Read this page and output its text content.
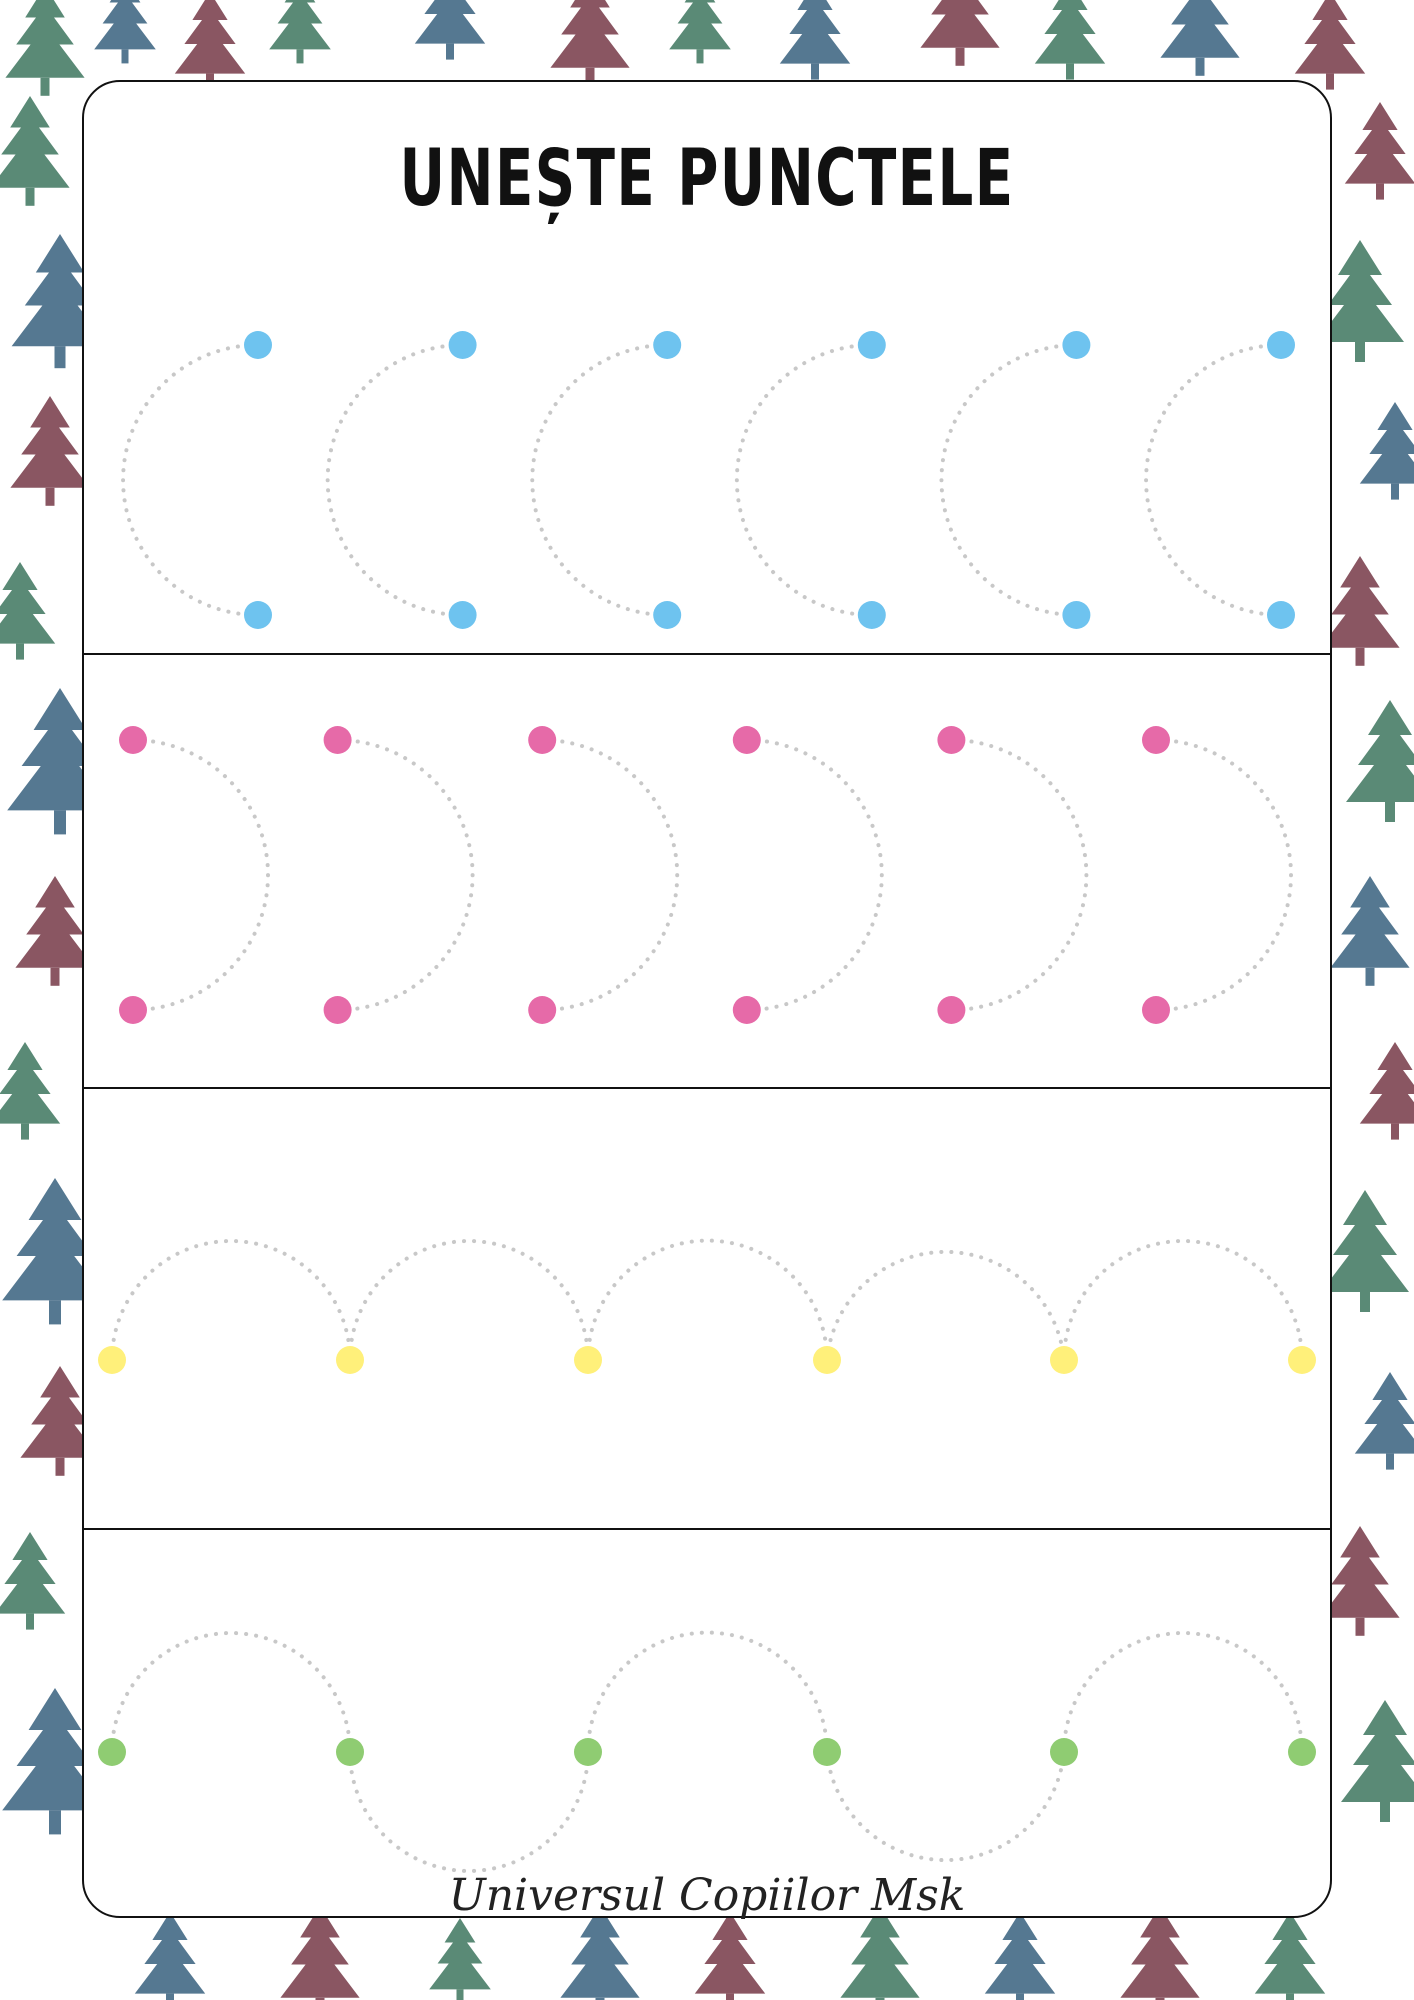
UNEȘTE PUNCTELE
Universul Copiilor Msk
